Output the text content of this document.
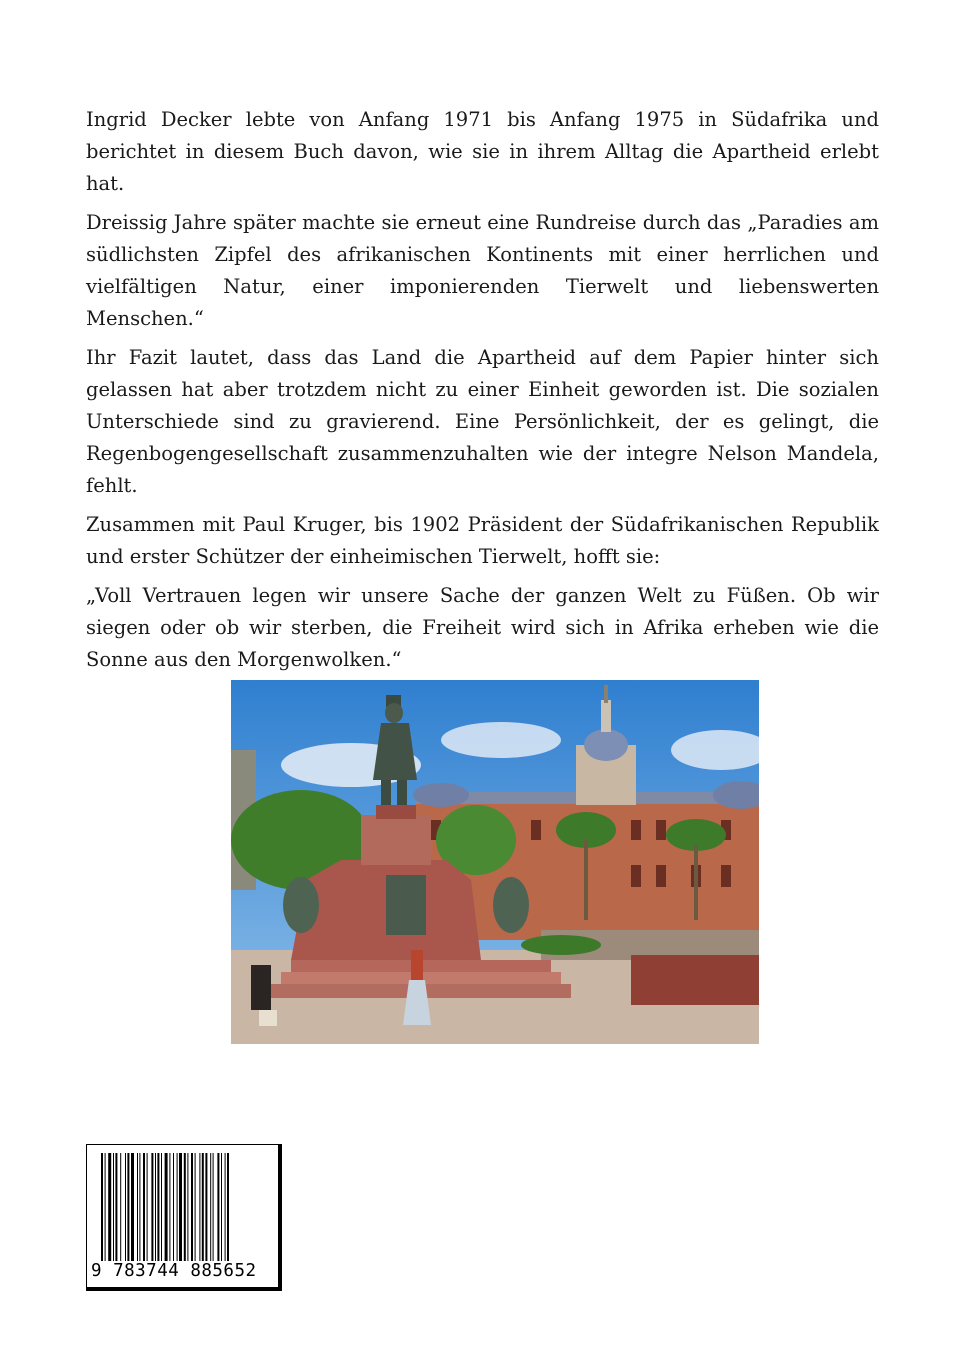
Ingrid Decker lebte von Anfang 1971 bis Anfang 1975 in Südafrika und berichtet in diesem Buch davon, wie sie in ihrem Alltag die Apartheid erlebt hat.

Dreissig Jahre später machte sie erneut eine Rundreise durch das „Paradies am südlichsten Zipfel des afrikanischen Kontinents mit einer herrlichen und vielfältigen Natur, einer imponierenden Tierwelt und liebenswerten Menschen.“

Ihr Fazit lautet, dass das Land die Apartheid auf dem Papier hinter sich gelassen hat aber trotzdem nicht zu einer Einheit geworden ist. Die sozialen Unterschiede sind zu gravierend. Eine Persönlichkeit, der es gelingt, die Regenbogengesellschaft zusammenzuhalten wie der integre Nelson Mandela, fehlt.

Zusammen mit Paul Kruger, bis 1902 Präsident der Südafrikanischen Republik und erster Schützer der einheimischen Tierwelt, hofft sie:

„Voll Vertrauen legen wir unsere Sache der ganzen Welt zu Füßen. Ob wir siegen oder ob wir sterben, die Freiheit wird sich in Afrika erheben wie die Sonne aus den Morgenwolken.“

9 783744 885652
